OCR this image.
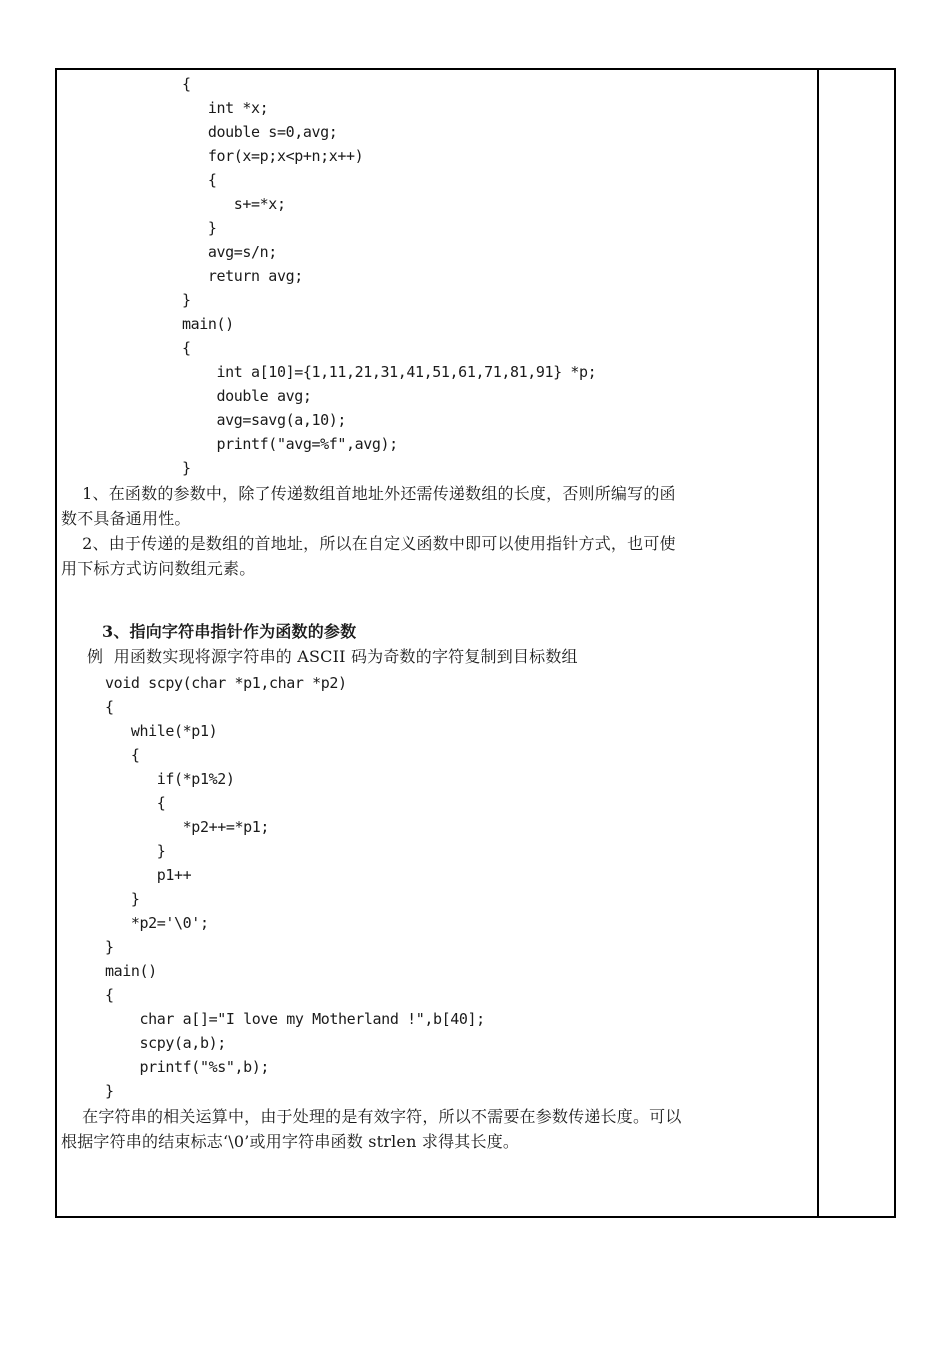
{
int *x;
double s=0,avg;
for(x=p;x<p+n;x++)
{
s+=*x;
}
avg=s/n;
return avg;
}
main()
{
int a[10]={1,11,21,31,41,51,61,71,81,91} *p;
double avg;
avg=savg(a,10);
printf("avg=%f",avg);
}
1、在函数的参数中，除了传递数组首地址外还需传递数组的长度，否则所编写的函
数不具备通用性。
2、由于传递的是数组的首地址，所以在自定义函数中即可以使用指针方式，也可使
用下标方式访问数组元素。
3、指向字符串指针作为函数的参数
例  用函数实现将源字符串的 ASCII 码为奇数的字符复制到目标数组
void scpy(char *p1,char *p2)
{
while(*p1)
{
if(*p1%2)
{
*p2++=*p1;
}
p1++
}
*p2='\0';
}
main()
{
char a[]="I love my Motherland !",b[40];
scpy(a,b);
printf("%s",b);
}
在字符串的相关运算中，由于处理的是有效字符，所以不需要在参数传递长度。可以
根据字符串的结束标志‘\0’或用字符串函数 strlen 求得其长度。
